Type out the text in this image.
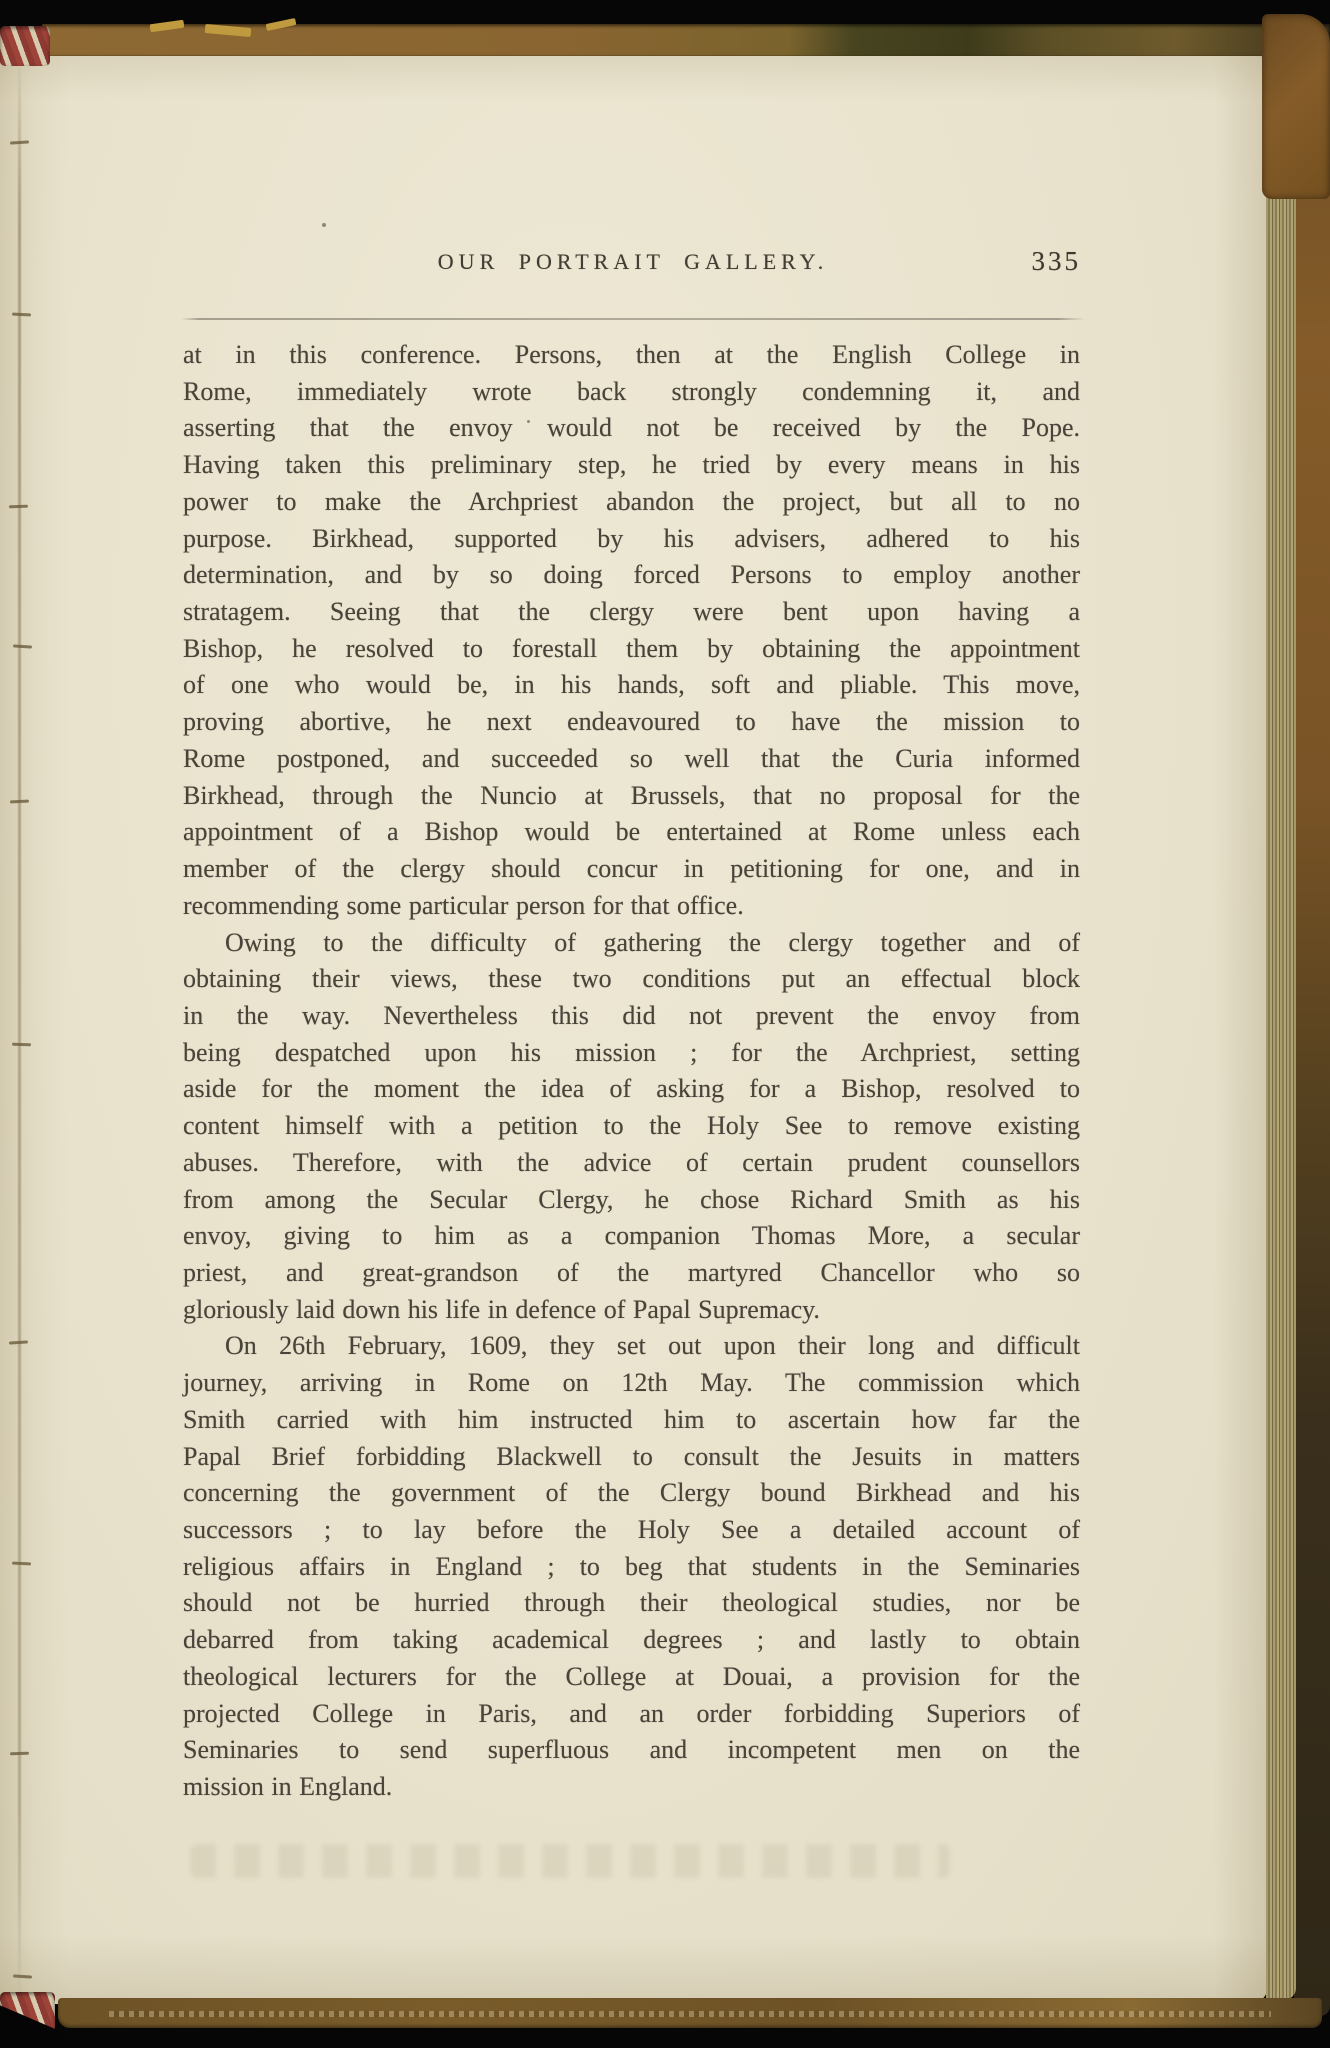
OUR PORTRAIT GALLERY.	335
at in this conference. Persons, then at the English College in
Rome, immediately wrote back strongly condemning it, and
asserting that the envoy would not be received by the Pope.
Having taken this preliminary step, he tried by every means in his
power to make the Archpriest abandon the project, but all to no
purpose. Birkhead, supported by his advisers, adhered to his
determination, and by so doing forced Persons to employ another
stratagem. Seeing that the clergy were bent upon having a
Bishop, he resolved to forestall them by obtaining the appointment
of one who would be, in his hands, soft and pliable. This move,
proving abortive, he next endeavoured to have the mission to
Rome postponed, and succeeded so well that the Curia informed
Birkhead, through the Nuncio at Brussels, that no proposal for the
appointment of a Bishop would be entertained at Rome unless each
member of the clergy should concur in petitioning for one, and in
recommending some particular person for that office.
Owing to the difficulty of gathering the clergy together and of
obtaining their views, these two conditions put an effectual block
in the way. Nevertheless this did not prevent the envoy from
being despatched upon his mission ; for the Archpriest, setting
aside for the moment the idea of asking for a Bishop, resolved to
content himself with a petition to the Holy See to remove existing
abuses. Therefore, with the advice of certain prudent counsellors
from among the Secular Clergy, he chose Richard Smith as his
envoy, giving to him as a companion Thomas More, a secular
priest, and great-grandson of the martyred Chancellor who so
gloriously laid down his life in defence of Papal Supremacy.
On 26th February, 1609, they set out upon their long and difficult
journey, arriving in Rome on 12th May. The commission which
Smith carried with him instructed him to ascertain how far the
Papal Brief forbidding Blackwell to consult the Jesuits in matters
concerning the government of the Clergy bound Birkhead and his
successors ; to lay before the Holy See a detailed account of
religious affairs in England ; to beg that students in the Seminaries
should not be hurried through their theological studies, nor be
debarred from taking academical degrees ; and lastly to obtain
theological lecturers for the College at Douai, a provision for the
projected College in Paris, and an order forbidding Superiors of
Seminaries to send superfluous and incompetent men on the
mission in England.
